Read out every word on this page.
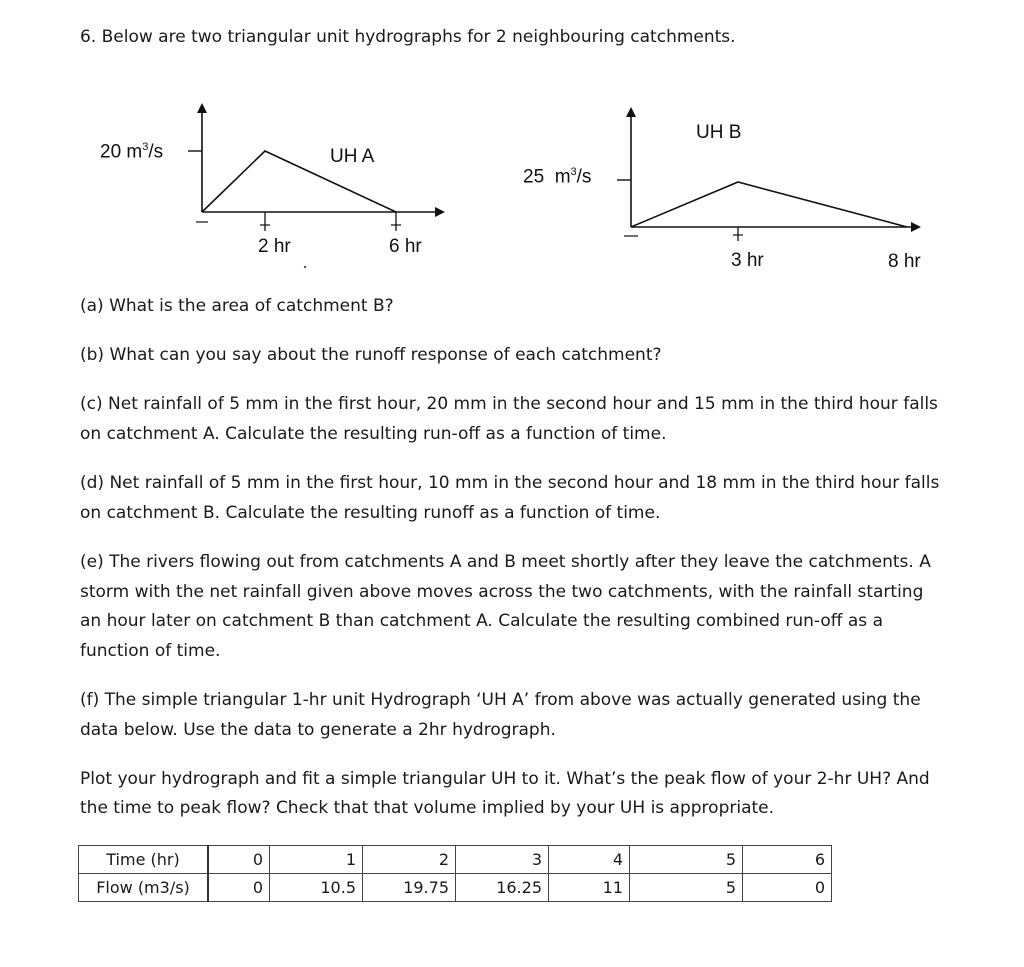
6. Below are two triangular unit hydrographs for 2 neighbouring catchments.
20 $m^3/s$	UH A
2 hr	6 hr
25 $m^3/s$
UH B
3 hr	8 hr
(a) What is the area of catchment B?
(b) What can you say about the runoff response of each catchment?
(c) Net rainfall of 5 mm in the first hour, 20 mm in the second hour and 15 mm in the third hour falls
on catchment A. Calculate the resulting run-off as a function of time.
(d) Net rainfall of 5 mm in the first hour, 10 mm in the second hour and 18 mm in the third hour falls
on catchment B. Calculate the resulting runoff as a function of time.
(e) The rivers flowing out from catchments A and B meet shortly after they leave the catchments. A
storm with the net rainfall given above moves across the two catchments, with the rainfall starting
an hour later on catchment B than catchment A. Calculate the resulting combined run-off as a
function of time.
(f) The simple triangular 1-hr unit Hydrograph ‘UH A’ from above was actually generated using the
data below. Use the data to generate a 2hr hydrograph.
Plot your hydrograph and fit a simple triangular UH to it. What’s the peak flow of your 2-hr UH? And
the time to peak flow? Check that that volume implied by your UH is appropriate.
Time (hr)	0	1	2	3	4	5	6
Flow (m3/s)	0	10.5	19.75	16.25	11	5	0
